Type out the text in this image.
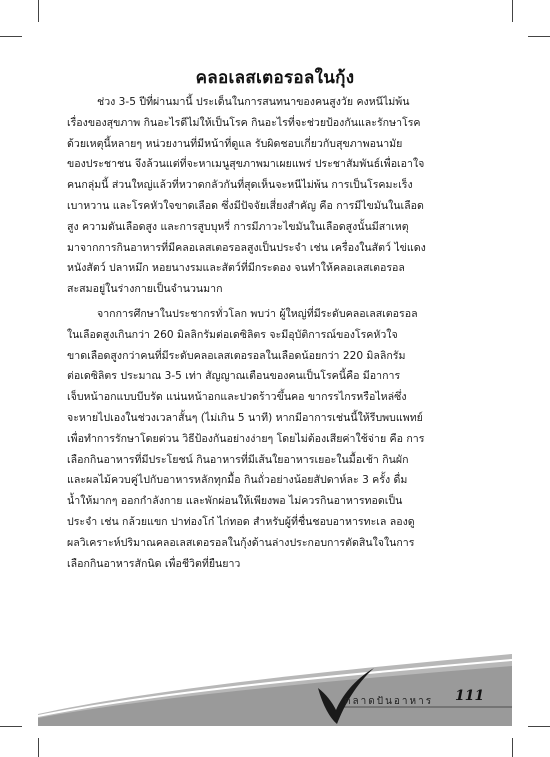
คลอเลสเตอรอลในกุ้ง
ช่วง 3-5 ปีที่ผ่านมานี้ ประเด็นในการสนทนาของคนสูงวัย คงหนีไม่พ้น
เรื่องของสุขภาพ กินอะไรดีไม่ให้เป็นโรค กินอะไรที่จะช่วยป้องกันและรักษาโรค
ด้วยเหตุนี้หลายๆ หน่วยงานที่มีหน้าที่ดูแล รับผิดชอบเกี่ยวกับสุขภาพอนามัย
ของประชาชน จึงล้วนแต่ที่จะหาเมนูสุขภาพมาเผยแพร่ ประชาสัมพันธ์เพื่อเอาใจ
คนกลุ่มนี้ ส่วนใหญ่แล้วที่หวาดกลัวกันที่สุดเห็นจะหนีไม่พ้น การเป็นโรคมะเร็ง
เบาหวาน และโรคหัวใจขาดเลือด ซึ่งมีปัจจัยเสี่ยงสำคัญ คือ การมีไขมันในเลือด
สูง ความดันเลือดสูง และการสูบบุหรี่ การมีภาวะไขมันในเลือดสูงนั้นมีสาเหตุ
มาจากการกินอาหารที่มีคลอเลสเตอรอลสูงเป็นประจำ เช่น เครื่องในสัตว์ ไข่แดง
หนังสัตว์ ปลาหมึก หอยนางรมและสัตว์ที่มีกระดอง จนทำให้คลอเลสเตอรอล
สะสมอยู่ในร่างกายเป็นจำนวนมาก
จากการศึกษาในประชากรทั่วโลก พบว่า ผู้ใหญ่ที่มีระดับคลอเลสเตอรอล
ในเลือดสูงเกินกว่า 260 มิลลิกรัมต่อเดซิลิตร จะมีอุบัติการณ์ของโรคหัวใจ
ขาดเลือดสูงกว่าคนที่มีระดับคลอเลสเตอรอลในเลือดน้อยกว่า 220 มิลลิกรัม
ต่อเดซิลิตร ประมาณ 3-5 เท่า สัญญาณเตือนของคนเป็นโรคนี้คือ มีอาการ
เจ็บหน้าอกแบบบีบรัด แน่นหน้าอกและปวดร้าวขึ้นคอ ขากรรไกรหรือไหล่ซึ่ง
จะหายไปเองในช่วงเวลาสั้นๆ (ไม่เกิน 5 นาที) หากมีอาการเช่นนี้ให้รีบพบแพทย์
เพื่อทำการรักษาโดยด่วน วิธีป้องกันอย่างง่ายๆ โดยไม่ต้องเสียค่าใช้จ่าย คือ การ
เลือกกินอาหารที่มีประโยชน์ กินอาหารที่มีเส้นใยอาหารเยอะในมื้อเช้า กินผัก
และผลไม้ควบคู่ไปกับอาหารหลักทุกมื้อ กินถั่วอย่างน้อยสัปดาห์ละ 3 ครั้ง ดื่ม
น้ำให้มากๆ ออกกำลังกาย และพักผ่อนให้เพียงพอ ไม่ควรกินอาหารทอดเป็น
ประจำ เช่น กล้วยแขก ปาท่องโก๋ ไก่ทอด สำหรับผู้ที่ชื่นชอบอาหารทะเล ลองดู
ผลวิเคราะห์ปริมาณคลอเลสเตอรอลในกุ้งด้านล่างประกอบการตัดสินใจในการ
เลือกกินอาหารสักนิด เพื่อชีวิตที่ยืนยาว
ตลาดปันอาหาร 111
